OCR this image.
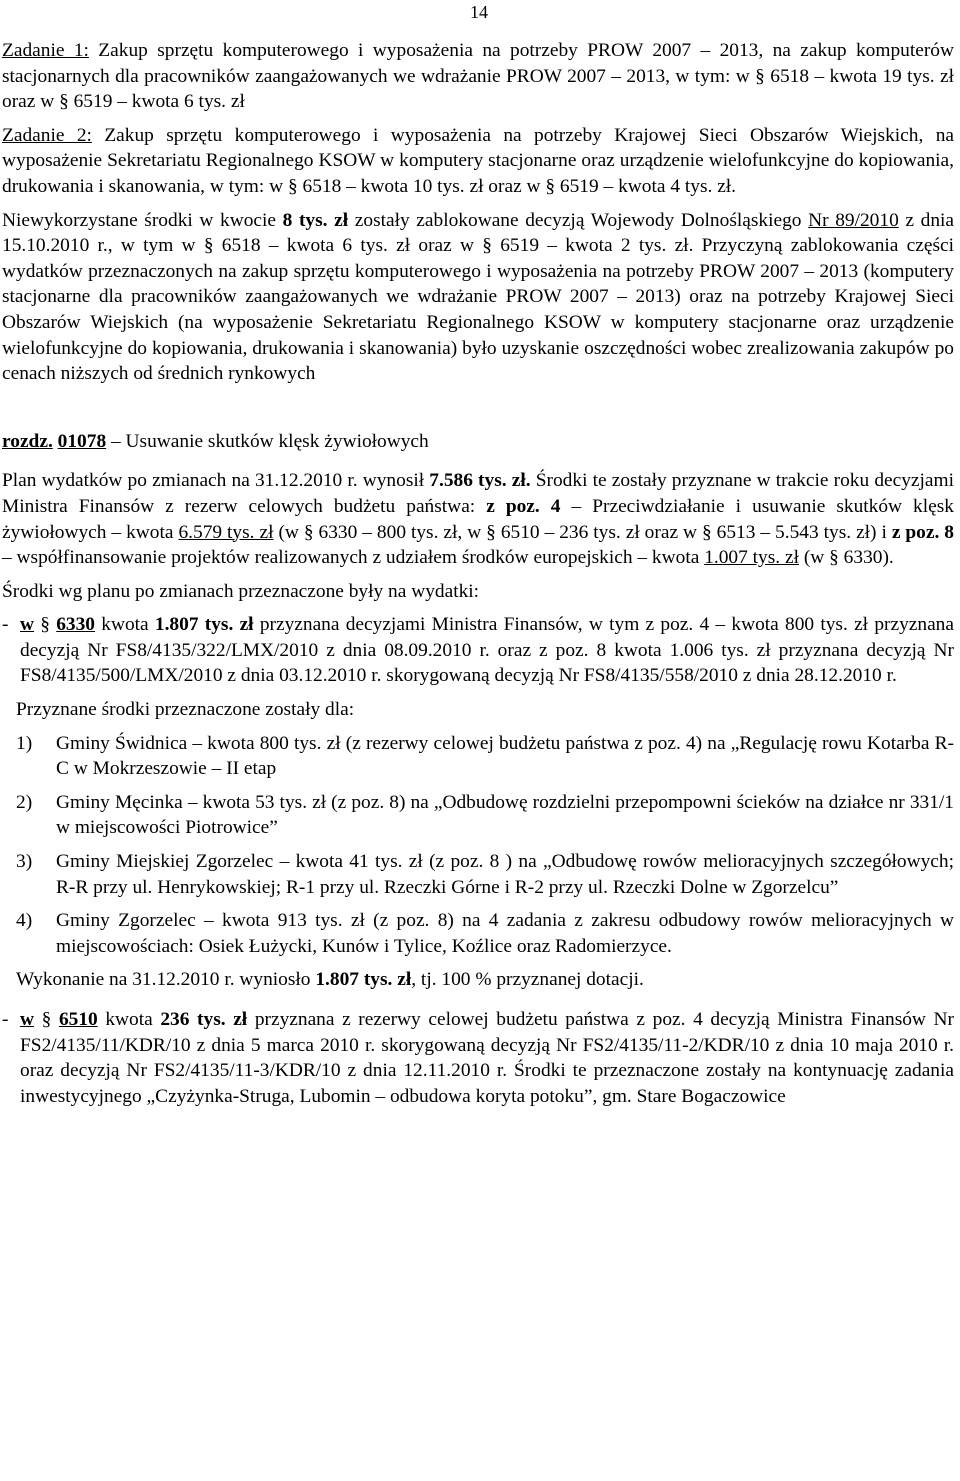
14

Zadanie 1: Zakup sprzętu komputerowego i wyposażenia na potrzeby PROW 2007 – 2013, na zakup komputerów stacjonarnych dla pracowników zaangażowanych we wdrażanie PROW 2007 – 2013, w tym: w § 6518 – kwota 19 tys. zł oraz w § 6519 – kwota 6 tys. zł

Zadanie 2: Zakup sprzętu komputerowego i wyposażenia na potrzeby Krajowej Sieci Obszarów Wiejskich, na wyposażenie Sekretariatu Regionalnego KSOW w komputery stacjonarne oraz urządzenie wielofunkcyjne do kopiowania, drukowania i skanowania, w tym: w § 6518 – kwota 10 tys. zł oraz w § 6519 – kwota 4 tys. zł.

Niewykorzystane środki w kwocie 8 tys. zł zostały zablokowane decyzją Wojewody Dolnośląskiego Nr 89/2010 z dnia 15.10.2010 r., w tym w § 6518 – kwota 6 tys. zł oraz w § 6519 – kwota 2 tys. zł. Przyczyną zablokowania części wydatków przeznaczonych na zakup sprzętu komputerowego i wyposażenia na potrzeby PROW 2007 – 2013 (komputery stacjonarne dla pracowników zaangażowanych we wdrażanie PROW 2007 – 2013) oraz na potrzeby Krajowej Sieci Obszarów Wiejskich (na wyposażenie Sekretariatu Regionalnego KSOW w komputery stacjonarne oraz urządzenie wielofunkcyjne do kopiowania, drukowania i skanowania) było uzyskanie oszczędności wobec zrealizowania zakupów po cenach niższych od średnich rynkowych

rozdz. 01078 – Usuwanie skutków klęsk żywiołowych

Plan wydatków po zmianach na 31.12.2010 r. wynosił 7.586 tys. zł. Środki te zostały przyznane w trakcie roku decyzjami Ministra Finansów z rezerw celowych budżetu państwa: z poz. 4 – Przeciwdziałanie i usuwanie skutków klęsk żywiołowych – kwota 6.579 tys. zł (w § 6330 – 800 tys. zł, w § 6510 – 236 tys. zł oraz w § 6513 – 5.543 tys. zł) i z poz. 8 – współfinansowanie projektów realizowanych z udziałem środków europejskich – kwota 1.007 tys. zł (w § 6330).

Środki wg planu po zmianach przeznaczone były na wydatki:

- w § 6330 kwota 1.807 tys. zł przyznana decyzjami Ministra Finansów, w tym z poz. 4 – kwota 800 tys. zł przyznana decyzją Nr FS8/4135/322/LMX/2010 z dnia 08.09.2010 r. oraz z poz. 8 kwota 1.006 tys. zł przyznana decyzją Nr FS8/4135/500/LMX/2010 z dnia 03.12.2010 r. skorygowaną decyzją Nr FS8/4135/558/2010 z dnia 28.12.2010 r.

Przyznane środki przeznaczone zostały dla:

1)	Gminy Świdnica – kwota 800 tys. zł (z rezerwy celowej budżetu państwa z poz. 4) na „Regulację rowu Kotarba R-C w Mokrzeszowie – II etap
2)	Gminy Męcinka – kwota 53 tys. zł (z poz. 8) na „Odbudowę rozdzielni przepompowni ścieków na działce nr 331/1 w miejscowości Piotrowice”
3)	Gminy Miejskiej Zgorzelec – kwota 41 tys. zł (z poz. 8 ) na „Odbudowę rowów melioracyjnych szczegółowych; R-R przy ul. Henrykowskiej; R-1 przy ul. Rzeczki Górne i R-2 przy ul. Rzeczki Dolne w Zgorzelcu”
4)	Gminy Zgorzelec – kwota 913 tys. zł (z poz. 8) na 4 zadania z zakresu odbudowy rowów melioracyjnych w miejscowościach: Osiek Łużycki, Kunów i Tylice, Koźlice oraz Radomierzyce.

Wykonanie na 31.12.2010 r. wyniosło 1.807 tys. zł, tj. 100 % przyznanej dotacji.

- w § 6510 kwota 236 tys. zł przyznana z rezerwy celowej budżetu państwa z poz. 4 decyzją Ministra Finansów Nr FS2/4135/11/KDR/10 z dnia 5 marca 2010 r. skorygowaną decyzją Nr FS2/4135/11-2/KDR/10 z dnia 10 maja 2010 r. oraz decyzją Nr FS2/4135/11-3/KDR/10 z dnia 12.11.2010 r. Środki te przeznaczone zostały na kontynuację zadania inwestycyjnego „Czyżynka-Struga, Lubomin – odbudowa koryta potoku”, gm. Stare Bogaczowice
